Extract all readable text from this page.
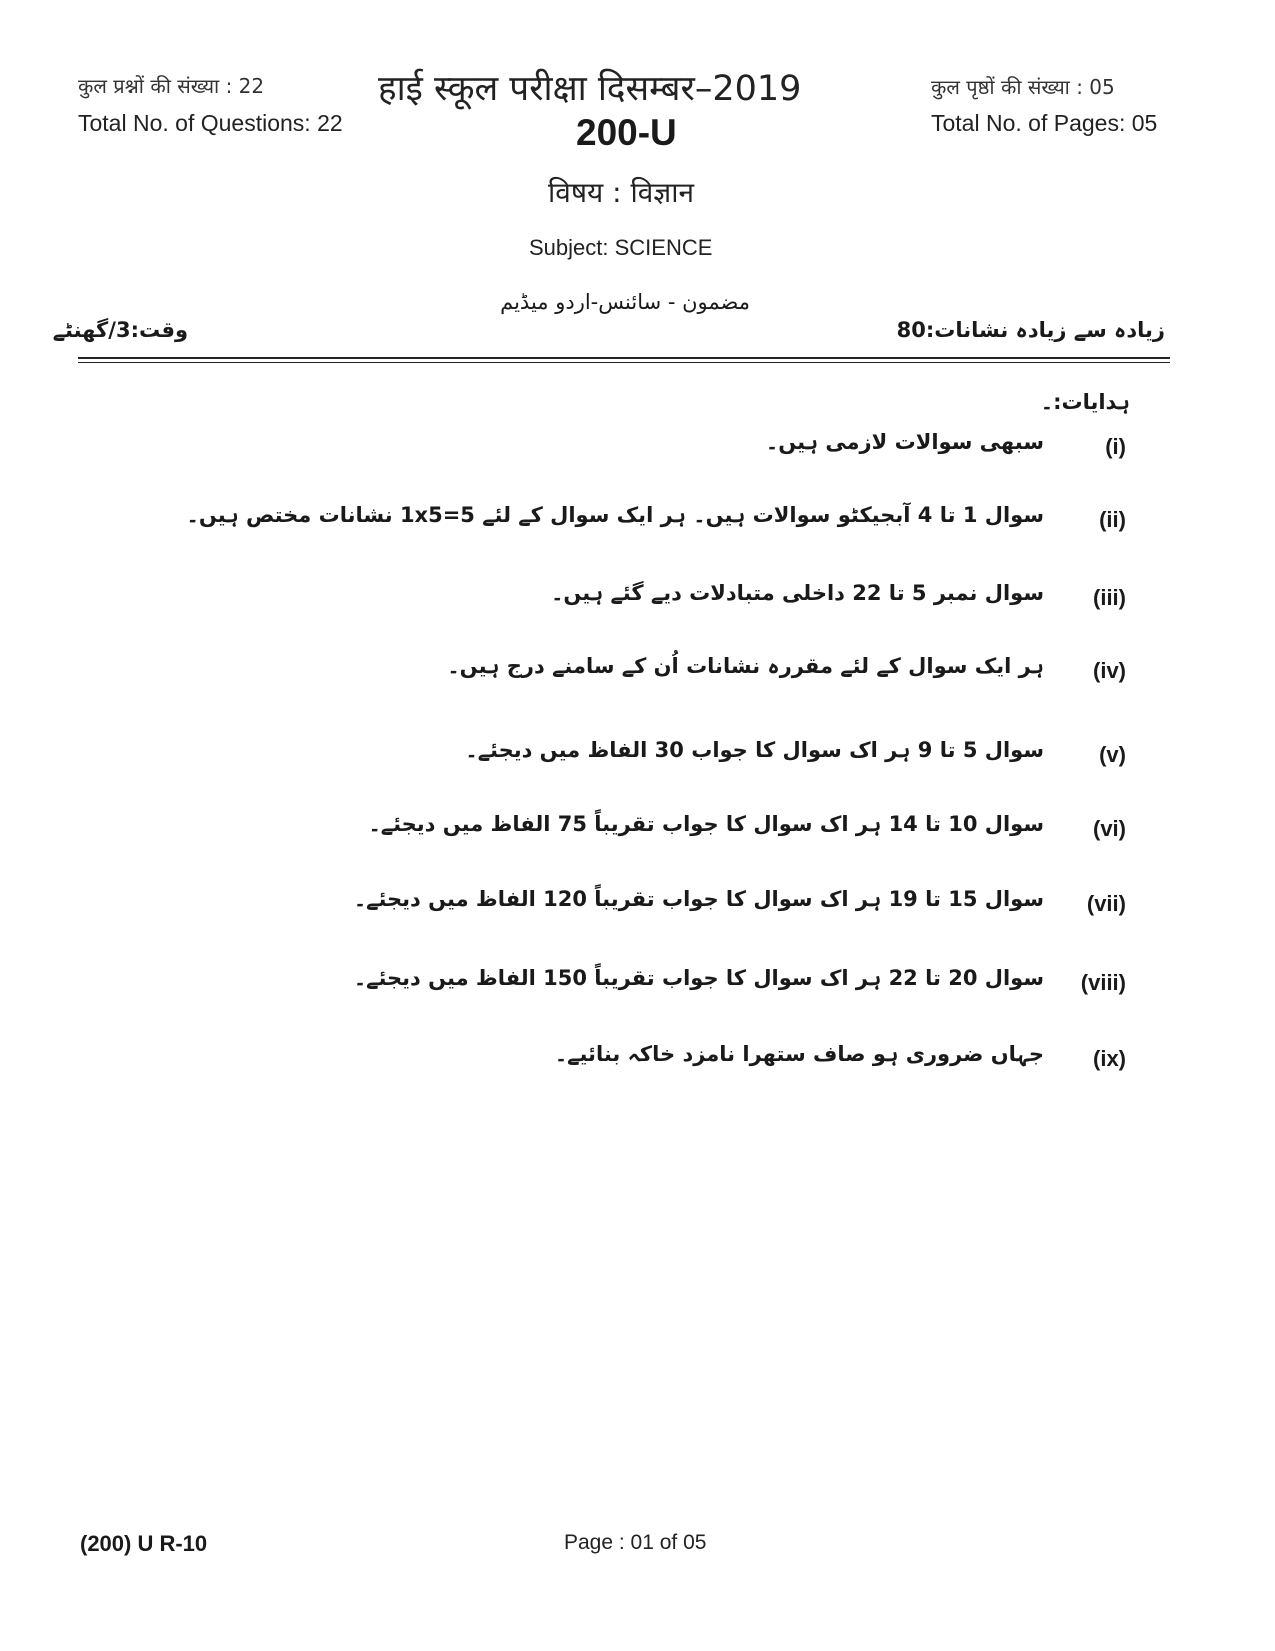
कुल प्रश्नों की संख्या : 22
Total No. of Questions: 22
हाई स्कूल परीक्षा दिसम्बर–2019
200-U
कुल पृष्ठों की संख्या : 05
Total No. of Pages: 05
विषय : विज्ञान
Subject: SCIENCE
مضمون - سائنس-اردو میڈیم
وقت:3/گھنٹے	زیادہ سے زیادہ نشانات:80
ہدایات:۔
(i)
سبھی سوالات لازمی ہیں۔
(ii)
سوال 1 تا 4 آبجیکٹو سوالات ہیں۔ ہر ایک سوال کے لئے 1x5=5 نشانات مختص ہیں۔
(iii)
سوال نمبر 5 تا 22 داخلی متبادلات دیے گئے ہیں۔
(iv)
ہر ایک سوال کے لئے مقررہ نشانات اُن کے سامنے درج ہیں۔
(v)
سوال 5 تا 9 ہر اک سوال کا جواب 30 الفاظ میں دیجئے۔
(vi)
سوال 10 تا 14 ہر اک سوال کا جواب تقریباً 75 الفاظ میں دیجئے۔
(vii)
سوال 15 تا 19 ہر اک سوال کا جواب تقریباً 120 الفاظ میں دیجئے۔
(viii)
سوال 20 تا 22 ہر اک سوال کا جواب تقریباً 150 الفاظ میں دیجئے۔
(ix)
جہاں ضروری ہو صاف ستھرا نامزد خاکہ بنائیے۔
(200) U R-10	Page : 01 of 05
